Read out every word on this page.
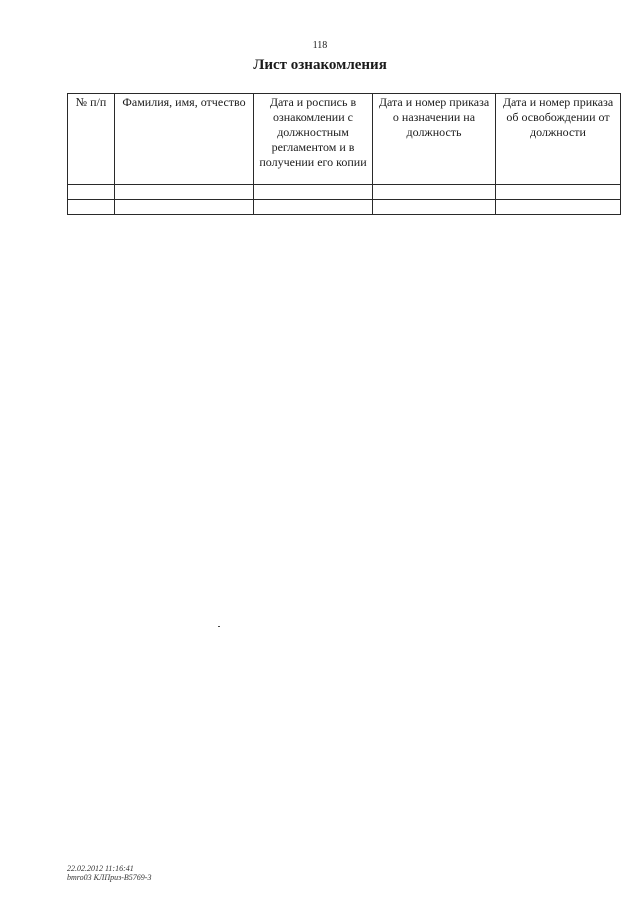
118
Лист ознакомления
№ п/п	Фамилия, имя, отчество	Дата и роспись в ознакомлении с должностным регламентом и в получении его копии	Дата и номер приказа о назначении на должность	Дата и номер приказа об освобождении от должности

22.02.2012 11:16:41
bmro03 КЛПриз-В5769-3
